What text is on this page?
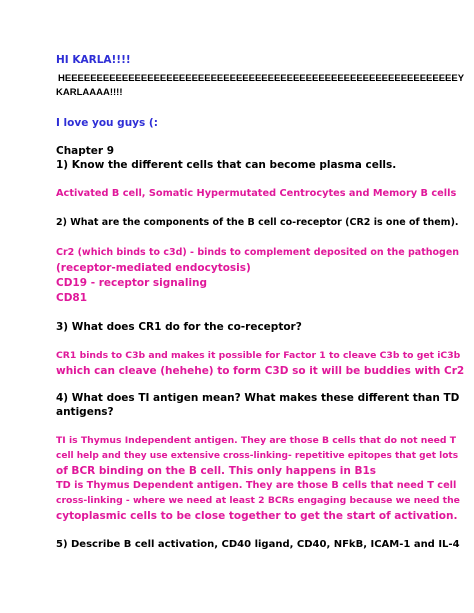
HI KARLA!!!!
HEEEEEEEEEEEEEEEEEEEEEEEEEEEEEEEEEEEEEEEEEEEEEEEEEEEEEEEEEEEEEEY
KARLAAAA!!!!
I love you guys (:
Chapter 9
1) Know the different cells that can become plasma cells.
Activated B cell, Somatic Hypermutated Centrocytes and Memory B cells
2) What are the components of the B cell co-receptor (CR2 is one of them).
Cr2 (which binds to c3d) - binds to complement deposited on the pathogen
(receptor-mediated endocytosis)
CD19 - receptor signaling
CD81
3) What does CR1 do for the co-receptor?
CR1 binds to C3b and makes it possible for Factor 1 to cleave C3b to get iC3b
which can cleave (hehehe) to form C3D so it will be buddies with Cr2
4) What does TI antigen mean? What makes these different than TD
antigens?
TI is Thymus Independent antigen. They are those B cells that do not need T
cell help and they use extensive cross-linking- repetitive epitopes that get lots
of BCR binding on the B cell. This only happens in B1s
TD is Thymus Dependent antigen. They are those B cells that need T cell
cross-linking - where we need at least 2 BCRs engaging because we need the
cytoplasmic cells to be close together to get the start of activation.
5) Describe B cell activation, CD40 ligand, CD40, NFkB, ICAM-1 and IL-4
